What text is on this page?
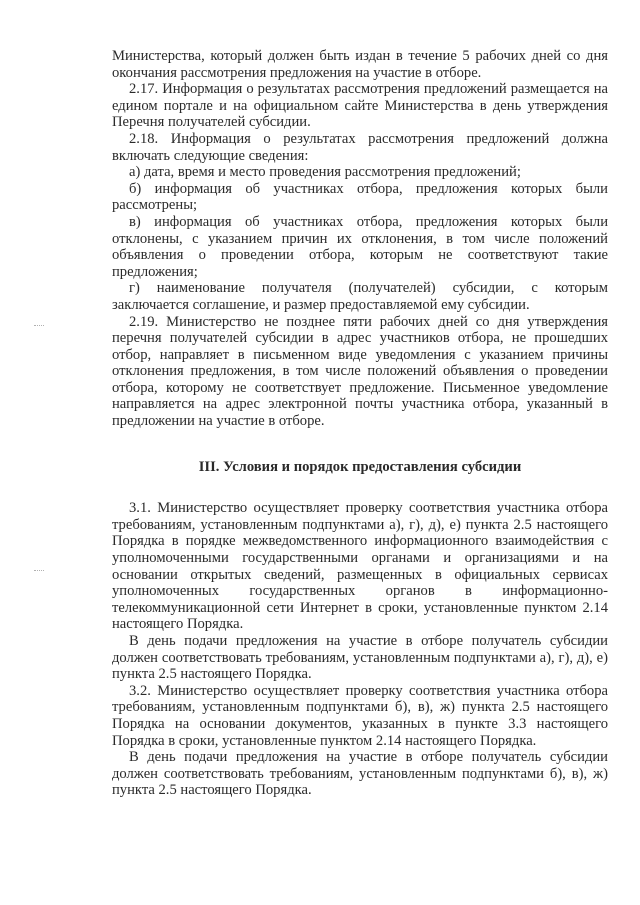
Министерства, который должен быть издан в течение 5 рабочих дней со дня окончания рассмотрения предложения на участие в отборе.

2.17. Информация о результатах рассмотрения предложений размещается на едином портале и на официальном сайте Министерства в день утверждения Перечня получателей субсидии.

2.18. Информация о результатах рассмотрения предложений должна включать следующие сведения:

а) дата, время и место проведения рассмотрения предложений;

б) информация об участниках отбора, предложения которых были рассмотрены;

в) информация об участниках отбора, предложения которых были отклонены, с указанием причин их отклонения, в том числе положений объявления о проведении отбора, которым не соответствуют такие предложения;

г) наименование получателя (получателей) субсидии, с которым заключается соглашение, и размер предоставляемой ему субсидии.

2.19. Министерство не позднее пяти рабочих дней со дня утверждения перечня получателей субсидии в адрес участников отбора, не прошедших отбор, направляет в письменном виде уведомления с указанием причины отклонения предложения, в том числе положений объявления о проведении отбора, которому не соответствует предложение. Письменное уведомление направляется на адрес электронной почты участника отбора, указанный в предложении на участие в отборе.

III. Условия и порядок предоставления субсидии

3.1. Министерство осуществляет проверку соответствия участника отбора требованиям, установленным подпунктами а), г), д), е) пункта 2.5 настоящего Порядка в порядке межведомственного информационного взаимодействия с уполномоченными государственными органами и организациями и на основании открытых сведений, размещенных в официальных сервисах уполномоченных государственных органов в информационно-телекоммуникационной сети Интернет в сроки, установленные пунктом 2.14 настоящего Порядка.

В день подачи предложения на участие в отборе получатель субсидии должен соответствовать требованиям, установленным подпунктами а), г), д), е) пункта 2.5 настоящего Порядка.

3.2. Министерство осуществляет проверку соответствия участника отбора требованиям, установленным подпунктами б), в), ж) пункта 2.5 настоящего Порядка на основании документов, указанных в пункте 3.3 настоящего Порядка в сроки, установленные пунктом 2.14 настоящего Порядка.

В день подачи предложения на участие в отборе получатель субсидии должен соответствовать требованиям, установленным подпунктами б), в), ж) пункта 2.5 настоящего Порядка.
